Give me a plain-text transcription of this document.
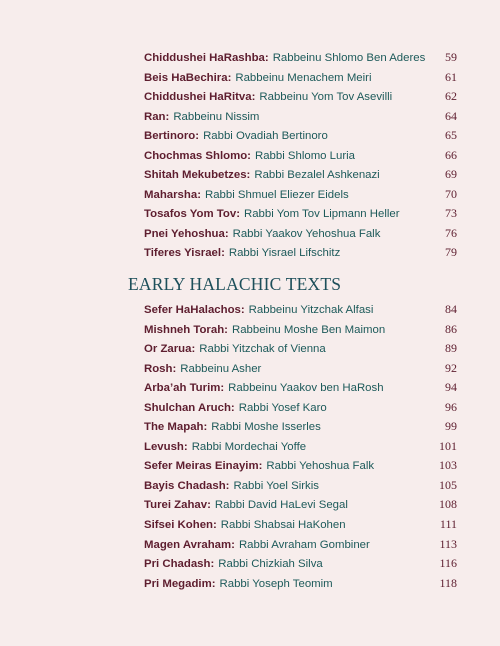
Chiddushei HaRashba : Rabbeinu Shlomo Ben Aderes	59
Beis HaBechira : Rabbeinu Menachem Meiri	61
Chiddushei HaRitva : Rabbeinu Yom Tov Asevilli	62
Ran : Rabbeinu Nissim	64
Bertinoro : Rabbi Ovadiah Bertinoro	65
Chochmas Shlomo : Rabbi Shlomo Luria	66
Shitah Mekubetzes : Rabbi Bezalel Ashkenazi	69
Maharsha : Rabbi Shmuel Eliezer Eidels	70
Tosafos Yom Tov : Rabbi Yom Tov Lipmann Heller	73
Pnei Yehoshua : Rabbi Yaakov Yehoshua Falk	76
Tiferes Yisrael : Rabbi Yisrael Lifschitz	79
EARLY HALACHIC TEXTS
Sefer HaHalachos : Rabbeinu Yitzchak Alfasi	84
Mishneh Torah : Rabbeinu Moshe Ben Maimon	86
Or Zarua : Rabbi Yitzchak of Vienna	89
Rosh : Rabbeinu Asher	92
Arba’ah Turim : Rabbeinu Yaakov ben HaRosh	94
Shulchan Aruch : Rabbi Yosef Karo	96
The Mapah : Rabbi Moshe Isserles	99
Levush : Rabbi Mordechai Yoffe	101
Sefer Meiras Einayim : Rabbi Yehoshua Falk	103
Bayis Chadash : Rabbi Yoel Sirkis	105
Turei Zahav : Rabbi David HaLevi Segal	108
Sifsei Kohen : Rabbi Shabsai HaKohen	111
Magen Avraham : Rabbi Avraham Gombiner	113
Pri Chadash : Rabbi Chizkiah Silva	116
Pri Megadim : Rabbi Yoseph Teomim	118
